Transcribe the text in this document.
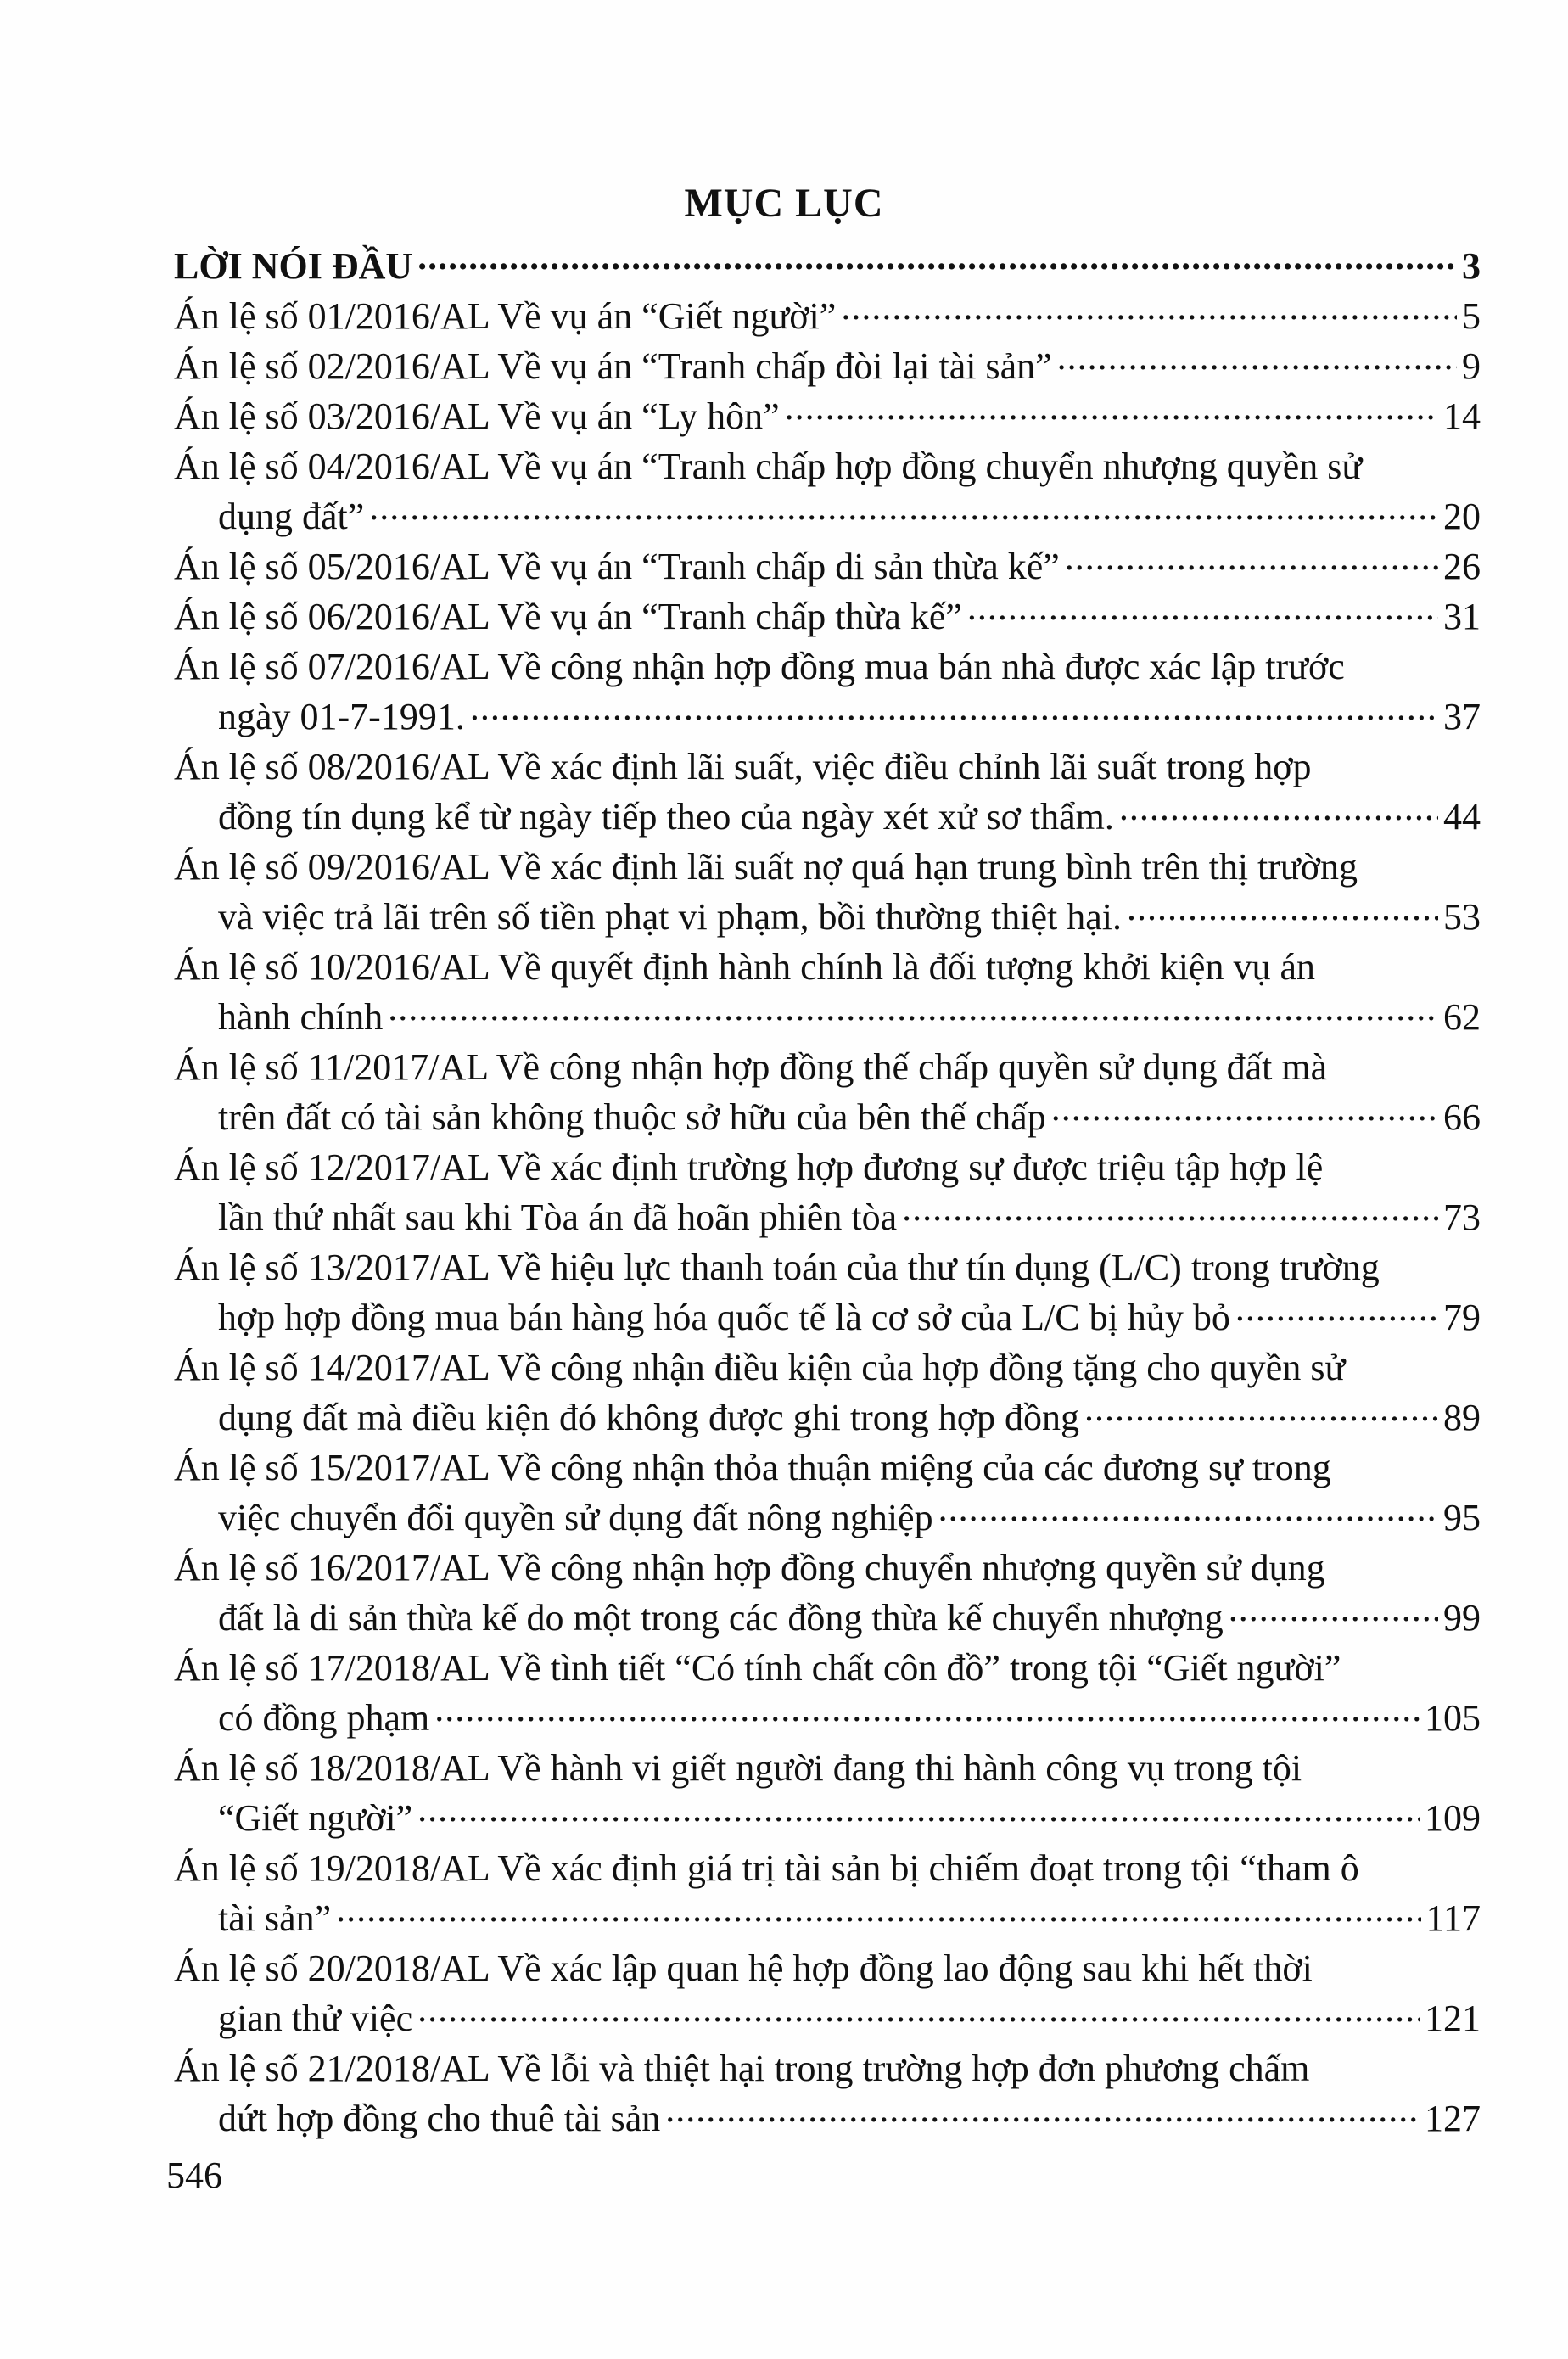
MỤC LỤC
LỜI NÓI ĐẦU .....	3
Án lệ số 01/2016/AL Về vụ án “Giết người” .....	5
Án lệ số 02/2016/AL Về vụ án “Tranh chấp đòi lại tài sản” .....	9
Án lệ số 03/2016/AL Về vụ án “Ly hôn” .....	14
Án lệ số 04/2016/AL Về vụ án “Tranh chấp hợp đồng chuyển nhượng quyền sử
dụng đất” .....	20
Án lệ số 05/2016/AL Về vụ án “Tranh chấp di sản thừa kế” .....	26
Án lệ số 06/2016/AL Về vụ án “Tranh chấp thừa kế” .....	31
Án lệ số 07/2016/AL Về công nhận hợp đồng mua bán nhà được xác lập trước
ngày 01-7-1991. .....	37
Án lệ số 08/2016/AL Về xác định lãi suất, việc điều chỉnh lãi suất trong hợp
đồng tín dụng kể từ ngày tiếp theo của ngày xét xử sơ thẩm. .....	44
Án lệ số 09/2016/AL Về xác định lãi suất nợ quá hạn trung bình trên thị trường
và việc trả lãi trên số tiền phạt vi phạm, bồi thường thiệt hại. .....	53
Án lệ số 10/2016/AL Về quyết định hành chính là đối tượng khởi kiện vụ án
hành chính .....	62
Án lệ số 11/2017/AL Về công nhận hợp đồng thế chấp quyền sử dụng đất mà
trên đất có tài sản không thuộc sở hữu của bên thế chấp .....	66
Án lệ số 12/2017/AL Về xác định trường hợp đương sự được triệu tập hợp lệ
lần thứ nhất sau khi Tòa án đã hoãn phiên tòa .....	73
Án lệ số 13/2017/AL Về hiệu lực thanh toán của thư tín dụng (L/C) trong trường
hợp hợp đồng mua bán hàng hóa quốc tế là cơ sở của L/C bị hủy bỏ .....	79
Án lệ số 14/2017/AL Về công nhận điều kiện của hợp đồng tặng cho quyền sử
dụng đất mà điều kiện đó không được ghi trong hợp đồng .....	89
Án lệ số 15/2017/AL Về công nhận thỏa thuận miệng của các đương sự trong
việc chuyển đổi quyền sử dụng đất nông nghiệp .....	95
Án lệ số 16/2017/AL Về công nhận hợp đồng chuyển nhượng quyền sử dụng
đất là di sản thừa kế do một trong các đồng thừa kế chuyển nhượng .....	99
Án lệ số 17/2018/AL Về tình tiết “Có tính chất côn đồ” trong tội “Giết người”
có đồng phạm .....	105
Án lệ số 18/2018/AL Về hành vi giết người đang thi hành công vụ trong tội
“Giết người” .....	109
Án lệ số 19/2018/AL Về xác định giá trị tài sản bị chiếm đoạt trong tội “tham ô
tài sản” .....	117
Án lệ số 20/2018/AL Về xác lập quan hệ hợp đồng lao động sau khi hết thời
gian thử việc .....	121
Án lệ số 21/2018/AL Về lỗi và thiệt hại trong trường hợp đơn phương chấm
dứt hợp đồng cho thuê tài sản .....	127
546
